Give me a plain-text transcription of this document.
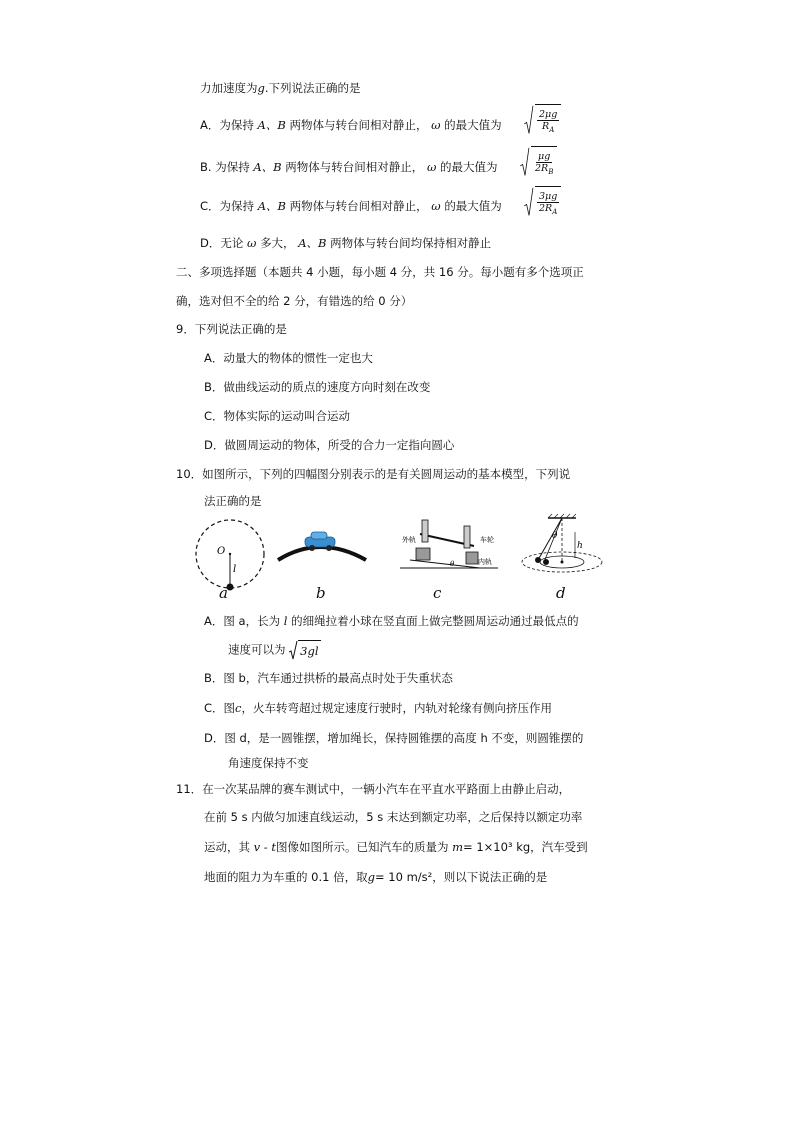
力加速度为g.下列说法正确的是
A．为保持 A、B 两物体与转台间相对静止， ω 的最大值为	$\frac{2\mu g}{R_A}$
B. 为保持 A、B 两物体与转台间相对静止， ω 的最大值为	$\frac{\mu g}{2R_B}$
C．为保持 A、B 两物体与转台间相对静止， ω 的最大值为	$\frac{3\mu g}{2R_A}$
D．无论 ω 多大， A、B 两物体与转台间均保持相对静止
二、多项选择题（本题共 4 小题，每小题 4 分，共 16 分。每小题有多个选项正
确，选对但不全的给 2 分，有错选的给 0 分）
9．下列说法正确的是
A．动量大的物体的惯性一定也大
B．做曲线运动的质点的速度方向时刻在改变
C．物体实际的运动叫合运动
D．做圆周运动的物体，所受的合力一定指向圆心
10．如图所示，下列的四幅图分别表示的是有关圆周运动的基本模型，下列说
法正确的是
O
l
外轨	车轮
内轨
θ
θ
h
a	b	c	d
A．图 a，长为 l 的细绳拉着小球在竖直面上做完整圆周运动通过最低点的
速度可以为 3gl
B．图 b，汽车通过拱桥的最高点时处于失重状态
C．图c，火车转弯超过规定速度行驶时，内轨对轮缘有侧向挤压作用
D．图 d，是一圆锥摆，增加绳长，保持圆锥摆的高度 h 不变，则圆锥摆的
角速度保持不变
11．在一次某品牌的赛车测试中，一辆小汽车在平直水平路面上由静止启动，
在前 5 s 内做匀加速直线运动，5 s 末达到额定功率，之后保持以额定功率
运动，其 v - t图像如图所示。已知汽车的质量为 m= 1×10³ kg，汽车受到
地面的阻力为车重的 0.1 倍，取g= 10 m/s²，则以下说法正确的是
